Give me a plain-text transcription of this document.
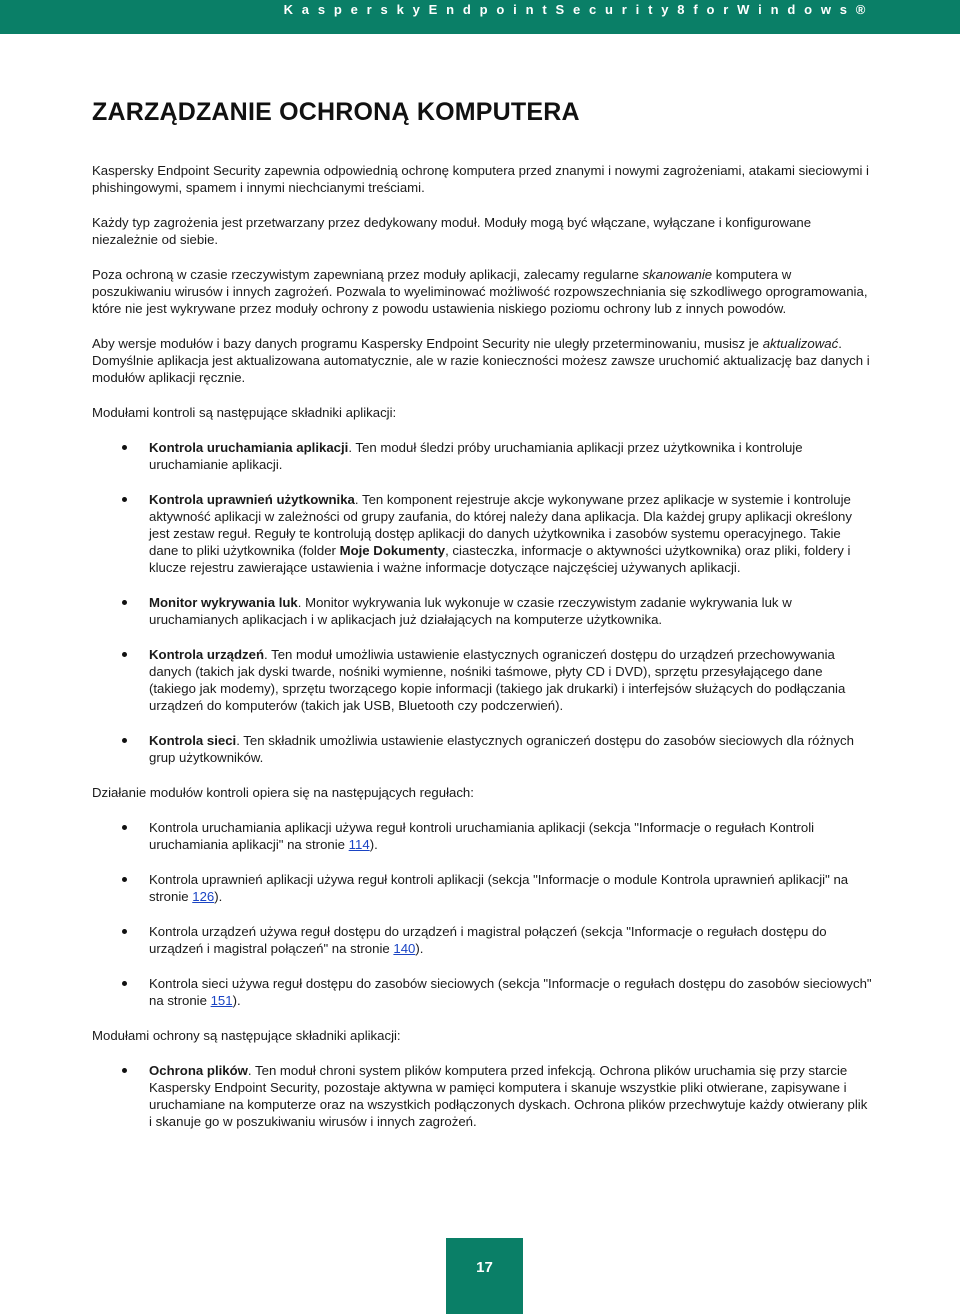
K a s p e r s k y E n d p o i n t S e c u r i t y 8 f o r W i n d o w s ®
ZARZĄDZANIE OCHRONĄ KOMPUTERA

Kaspersky Endpoint Security zapewnia odpowiednią ochronę komputera przed znanymi i nowymi zagrożeniami, atakami sieciowymi i phishingowymi, spamem i innymi niechcianymi treściami.

Każdy typ zagrożenia jest przetwarzany przez dedykowany moduł. Moduły mogą być włączane, wyłączane i konfigurowane niezależnie od siebie.

Poza ochroną w czasie rzeczywistym zapewnianą przez moduły aplikacji, zalecamy regularne skanowanie komputera w poszukiwaniu wirusów i innych zagrożeń. Pozwala to wyeliminować możliwość rozpowszechniania się szkodliwego oprogramowania, które nie jest wykrywane przez moduły ochrony z powodu ustawienia niskiego poziomu ochrony lub z innych powodów.

Aby wersje modułów i bazy danych programu Kaspersky Endpoint Security nie uległy przeterminowaniu, musisz je aktualizować. Domyślnie aplikacja jest aktualizowana automatycznie, ale w razie konieczności możesz zawsze uruchomić aktualizację baz danych i modułów aplikacji ręcznie.

Modułami kontroli są następujące składniki aplikacji:

Kontrola uruchamiania aplikacji. Ten moduł śledzi próby uruchamiania aplikacji przez użytkownika i kontroluje uruchamianie aplikacji.
Kontrola uprawnień użytkownika. Ten komponent rejestruje akcje wykonywane przez aplikacje w systemie i kontroluje aktywność aplikacji w zależności od grupy zaufania, do której należy dana aplikacja. Dla każdej grupy aplikacji określony jest zestaw reguł. Reguły te kontrolują dostęp aplikacji do danych użytkownika i zasobów systemu operacyjnego. Takie dane to pliki użytkownika (folder Moje Dokumenty, ciasteczka, informacje o aktywności użytkownika) oraz pliki, foldery i klucze rejestru zawierające ustawienia i ważne informacje dotyczące najczęściej używanych aplikacji.
Monitor wykrywania luk. Monitor wykrywania luk wykonuje w czasie rzeczywistym zadanie wykrywania luk w uruchamianych aplikacjach i w aplikacjach już działających na komputerze użytkownika.
Kontrola urządzeń. Ten moduł umożliwia ustawienie elastycznych ograniczeń dostępu do urządzeń przechowywania danych (takich jak dyski twarde, nośniki wymienne, nośniki taśmowe, płyty CD i DVD), sprzętu przesyłającego dane (takiego jak modemy), sprzętu tworzącego kopie informacji (takiego jak drukarki) i interfejsów służących do podłączania urządzeń do komputerów (takich jak USB, Bluetooth czy podczerwień).
Kontrola sieci. Ten składnik umożliwia ustawienie elastycznych ograniczeń dostępu do zasobów sieciowych dla różnych grup użytkowników.

Działanie modułów kontroli opiera się na następujących regułach:

Kontrola uruchamiania aplikacji używa reguł kontroli uruchamiania aplikacji (sekcja "Informacje o regułach Kontroli uruchamiania aplikacji" na stronie 114).
Kontrola uprawnień aplikacji używa reguł kontroli aplikacji (sekcja "Informacje o module Kontrola uprawnień aplikacji" na stronie 126).
Kontrola urządzeń używa reguł dostępu do urządzeń i magistral połączeń (sekcja "Informacje o regułach dostępu do urządzeń i magistral połączeń" na stronie 140).
Kontrola sieci używa reguł dostępu do zasobów sieciowych (sekcja "Informacje o regułach dostępu do zasobów sieciowych" na stronie 151).

Modułami ochrony są następujące składniki aplikacji:

Ochrona plików. Ten moduł chroni system plików komputera przed infekcją. Ochrona plików uruchamia się przy starcie Kaspersky Endpoint Security, pozostaje aktywna w pamięci komputera i skanuje wszystkie pliki otwierane, zapisywane i uruchamiane na komputerze oraz na wszystkich podłączonych dyskach. Ochrona plików przechwytuje każdy otwierany plik i skanuje go w poszukiwaniu wirusów i innych zagrożeń.
17
